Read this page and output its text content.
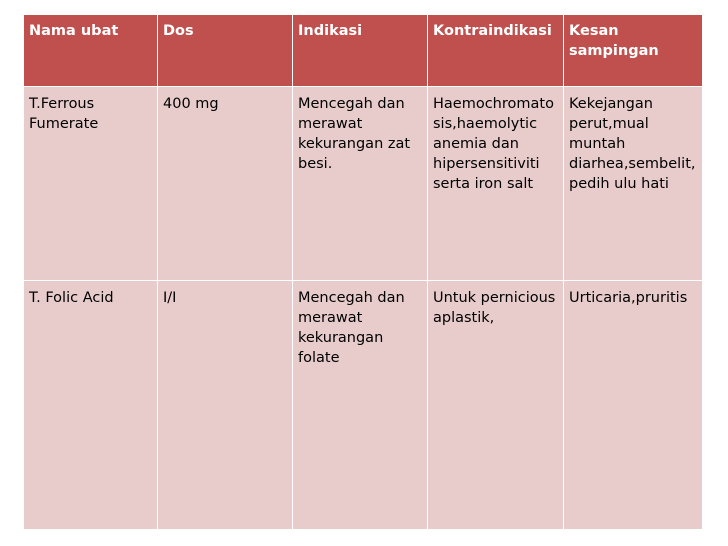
Nama ubat	Dos	Indikasi	Kontraindikasi	Kesan sampingan
T.Ferrous Fumerate	400 mg	Mencegah dan merawat kekurangan zat besi.	Haemochromatosis,haemolytic anemia dan hipersensitiviti serta iron salt	Kekejangan perut,mual muntah diarhea,sembelit,pedih ulu hati
T. Folic Acid	I/I	Mencegah dan merawat kekurangan folate	Untuk pernicious aplastik,	Urticaria,pruritis
